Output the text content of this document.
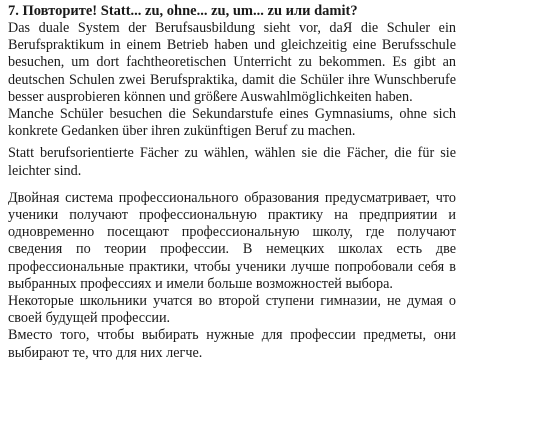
7. Повторите! Statt... zu, ohne... zu, um... zu или damit?

Das duale System der Berufsausbildung sieht vor, daЯ die Schuler ein Berufspraktikum in einem Betrieb haben und gleichzeitig eine Berufsschule besuchen, um dort fachtheoretischen Unterricht zu bekommen. Es gibt an deutschen Schulen zwei Berufspraktika, damit die Schüler ihre Wunschberufe besser ausprobieren können und größere Auswahlmöglichkeiten haben.

Manche Schüler besuchen die Sekundarstufe eines Gymnasiums, ohne sich konkrete Gedanken über ihren zukünftigen Beruf zu machen.

Statt berufsorientierte Fächer zu wählen, wählen sie die Fächer, die für sie leichter sind.

Двойная система профессионального образования предусматривает, что ученики получают профессиональную практику на предприятии и одновременно посещают профессиональную школу, где получают сведения по теории профессии. В немецких школах есть две профессиональные практики, чтобы ученики лучше попробовали себя в выбранных профессиях и имели больше возможностей выбора.

Некоторые школьники учатся во второй ступени гимназии, не думая о своей будущей профессии.

Вместо того, чтобы выбирать нужные для профессии предметы, они выбирают те, что для них легче.
